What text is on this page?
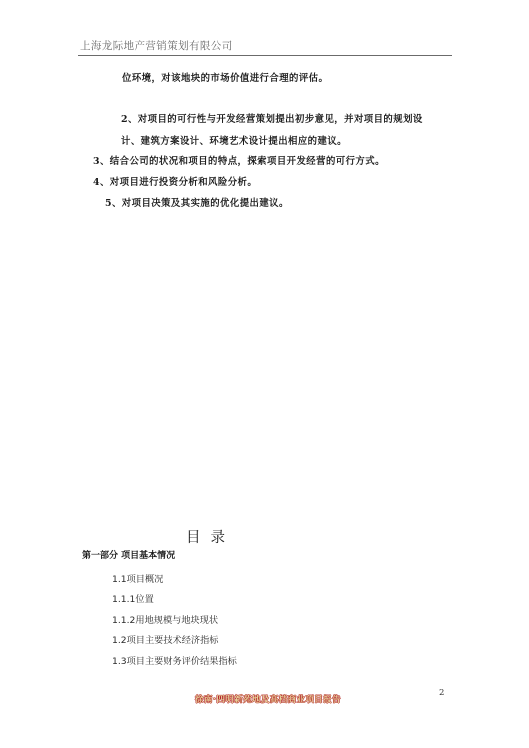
上海龙际地产营销策划有限公司
位环境，对该地块的市场价值进行合理的评估。
2、对项目的可行性与开发经营策划提出初步意见，并对项目的规划设
计、建筑方案设计、环境艺术设计提出相应的建议。
3、结合公司的状况和项目的特点，探索项目开发经营的可行方式。
4、对项目进行投资分析和风险分析。
5、对项目决策及其实施的优化提出建议。
目录
第一部分 项目基本情况
1.1项目概况
1.1.1位置
1.1.2用地规模与地块现状
1.2项目主要技术经济指标
1.3项目主要财务评价结果指标
徐南·四明新苑地及高档商业项目报告
2
